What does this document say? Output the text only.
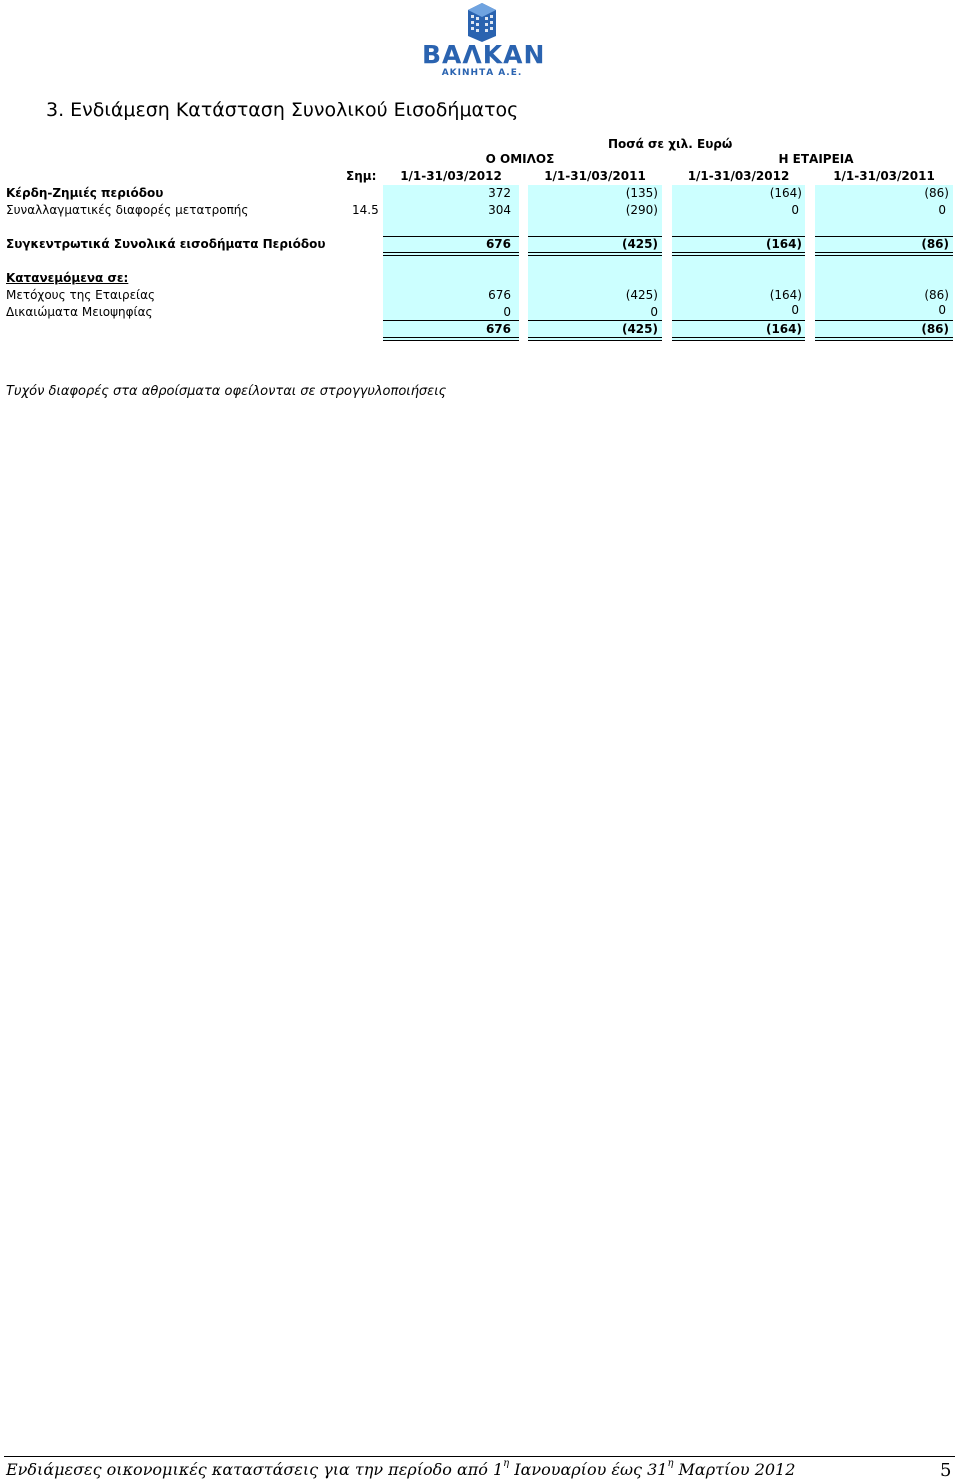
ΒΑΛΚΑΝ
ΑΚΙΝΗΤΑ Α.Ε.
3. Ενδιάμεση Κατάσταση Συνολικού Εισοδήματος
Ποσά σε χιλ. Ευρώ
Ο ΟΜΙΛΟΣ	Η ΕΤΑΙΡΕΙΑ
Σημ:	1/1-31/03/2012	1/1-31/03/2011	1/1-31/03/2012	1/1-31/03/2011
Κέρδη-Ζημιές περιόδου	372	(135)	(164)	(86)
Συναλλαγματικές διαφορές μετατροπής	14.5	304	(290)	0	0
Συγκεντρωτικά Συνολικά εισοδήματα Περιόδου	676	(425)	(164)	(86)
Κατανεμόμενα σε:
Μετόχους της Εταιρείας	676	(425)	(164)	(86)
Δικαιώματα Μειοψηφίας	0	0	0	0
676	(425)	(164)	(86)
Τυχόν διαφορές στα αθροίσματα οφείλονται σε στρογγυλοποιήσεις
Ενδιάμεσες οικονομικές καταστάσεις για την περίοδο από $1^\eta$ Ιανουαρίου έως $31^\eta$ Μαρτίου 2012	5
